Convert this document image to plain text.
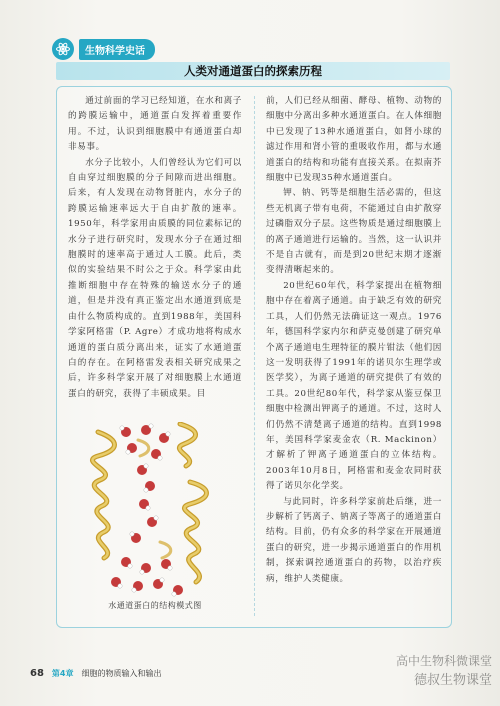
生物科学史话
人类对通道蛋白的探索历程

通过前面的学习已经知道，在水和离子的跨膜运输中，通道蛋白发挥着重要作用。不过，认识到细胞膜中有通道蛋白却非易事。

水分子比较小，人们曾经认为它们可以自由穿过细胞膜的分子间隙而进出细胞。后来，有人发现在动物肾脏内，水分子的跨膜运输速率远大于自由扩散的速率。1950年，科学家用由质膜的同位素标记的水分子进行研究时，发现水分子在通过细胞膜时的速率高于通过人工膜。此后，类似的实验结果不时公之于众。科学家由此推断细胞中存在特殊的输送水分子的通道，但是并没有真正鉴定出水通道到底是由什么物质构成的。直到1988年，美国科学家阿格雷（P. Agre）才成功地将构成水通道的蛋白质分离出来，证实了水通道蛋白的存在。在阿格雷发表相关研究成果之后，许多科学家开展了对细胞膜上水通道蛋白的研究，获得了丰硕成果。目

水通道蛋白的结构模式图

前，人们已经从细菌、酵母、植物、动物的细胞中分离出多种水通道蛋白。在人体细胞中已发现了13种水通道蛋白，如肾小球的滤过作用和肾小管的重吸收作用，都与水通道蛋白的结构和功能有直接关系。在拟南芥细胞中已发现35种水通道蛋白。

钾、钠、钙等是细胞生活必需的，但这些无机离子带有电荷，不能通过自由扩散穿过磷脂双分子层。这些物质是通过细胞膜上的离子通道进行运输的。当然，这一认识并不是自古就有，而是到20世纪末期才逐渐变得清晰起来的。

20世纪60年代，科学家提出在植物细胞中存在着离子通道。由于缺乏有效的研究工具，人们仍然无法确证这一观点。1976年，德国科学家内尔和萨克曼创建了研究单个离子通道电生理特征的膜片钳法（他们因这一发明获得了1991年的诺贝尔生理学或医学奖），为离子通道的研究提供了有效的工具。20世纪80年代，科学家从鉴豆保卫细胞中检测出钾离子的通道。不过，这时人们仍然不清楚离子通道的结构。直到1998年，美国科学家麦金农（R. Mackinon）才解析了钾离子通道蛋白的立体结构。2003年10月8日，阿格雷和麦金农同时获得了诺贝尔化学奖。

与此同时，许多科学家前赴后继，进一步解析了钙离子、钠离子等离子的通道蛋白结构。目前，仍有众多的科学家在开展通道蛋白的研究，进一步揭示通道蛋白的作用机制，探索调控通道蛋白的药物，以治疗疾病，维护人类健康。

68 第4章 细胞的物质输入和输出
高中生物科微课堂
德叔生物课堂
